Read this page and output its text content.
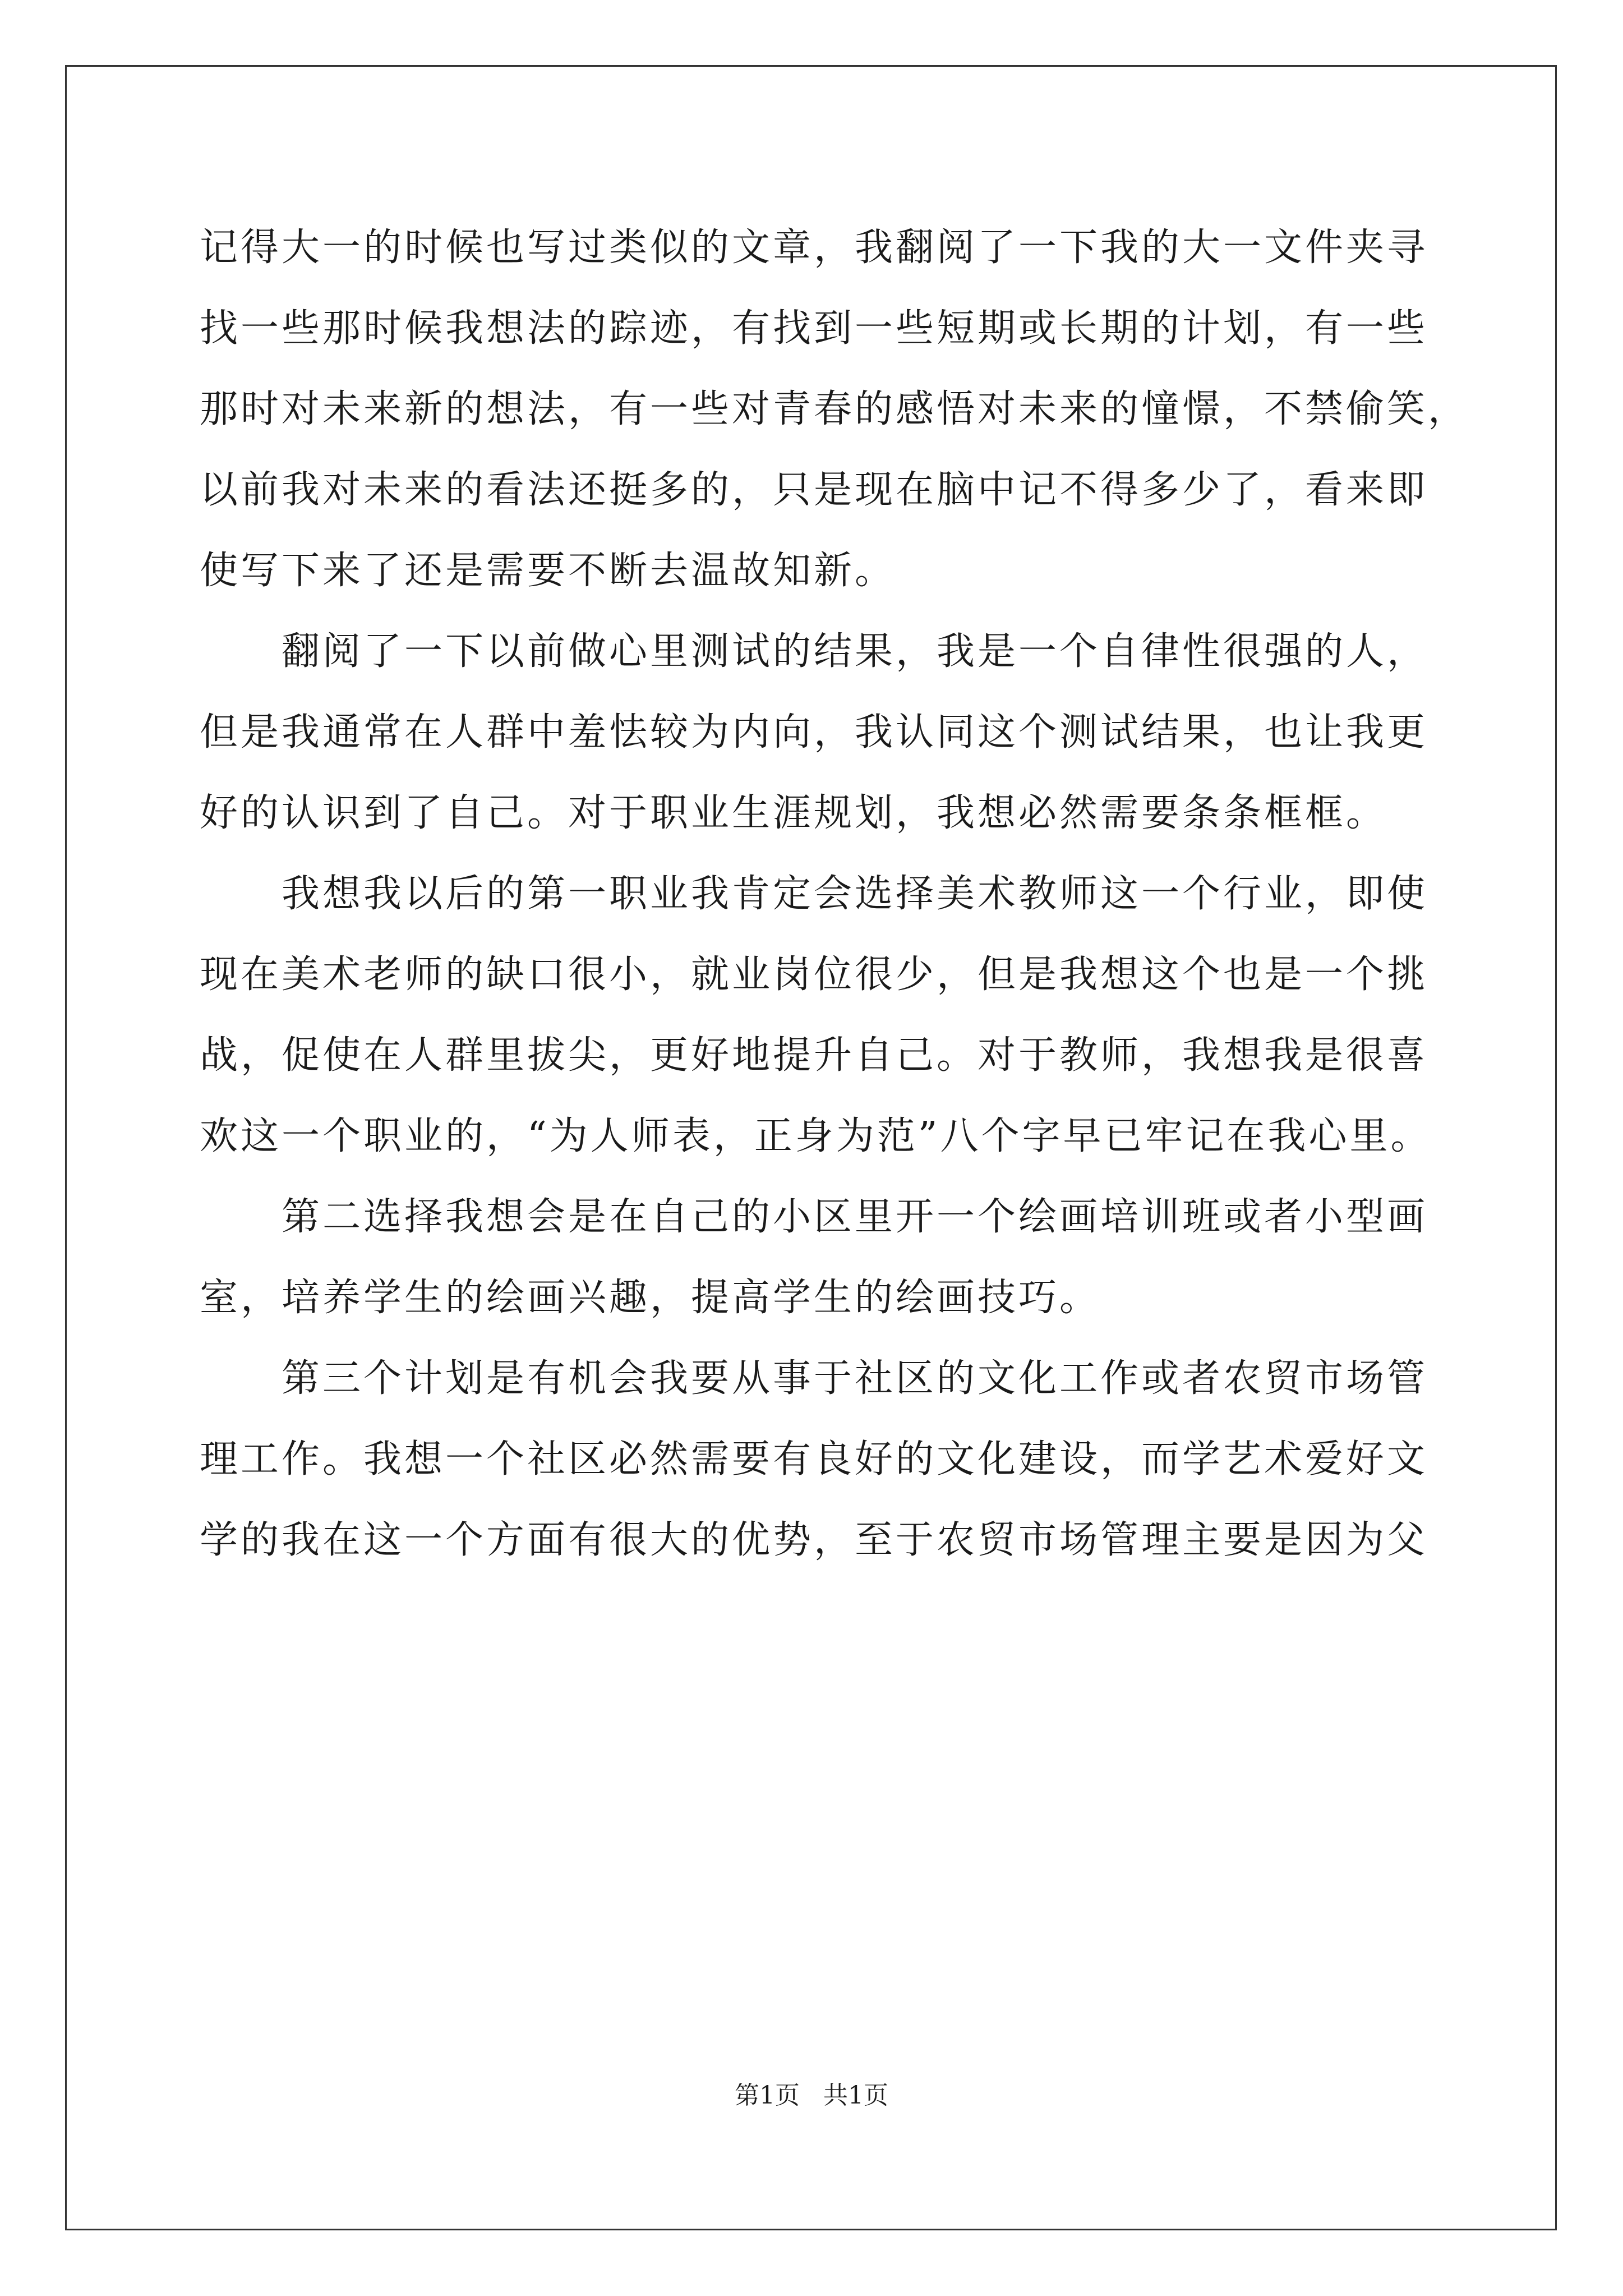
记得大一的时候也写过类似的文章，我翻阅了一下我的大一文件夹寻
找一些那时候我想法的踪迹，有找到一些短期或长期的计划，有一些
那时对未来新的想法，有一些对青春的感悟对未来的憧憬，不禁偷笑，
以前我对未来的看法还挺多的，只是现在脑中记不得多少了，看来即
使写下来了还是需要不断去温故知新。
　　翻阅了一下以前做心里测试的结果，我是一个自律性很强的人，
但是我通常在人群中羞怯较为内向，我认同这个测试结果，也让我更
好的认识到了自己。对于职业生涯规划，我想必然需要条条框框。
　　我想我以后的第一职业我肯定会选择美术教师这一个行业，即使
现在美术老师的缺口很小，就业岗位很少，但是我想这个也是一个挑
战，促使在人群里拔尖，更好地提升自己。对于教师，我想我是很喜
欢这一个职业的，“为人师表，正身为范”八个字早已牢记在我心里。
　　第二选择我想会是在自己的小区里开一个绘画培训班或者小型画
室，培养学生的绘画兴趣，提高学生的绘画技巧。
　　第三个计划是有机会我要从事于社区的文化工作或者农贸市场管
理工作。我想一个社区必然需要有良好的文化建设，而学艺术爱好文
学的我在这一个方面有很大的优势，至于农贸市场管理主要是因为父
第1页   共1页
